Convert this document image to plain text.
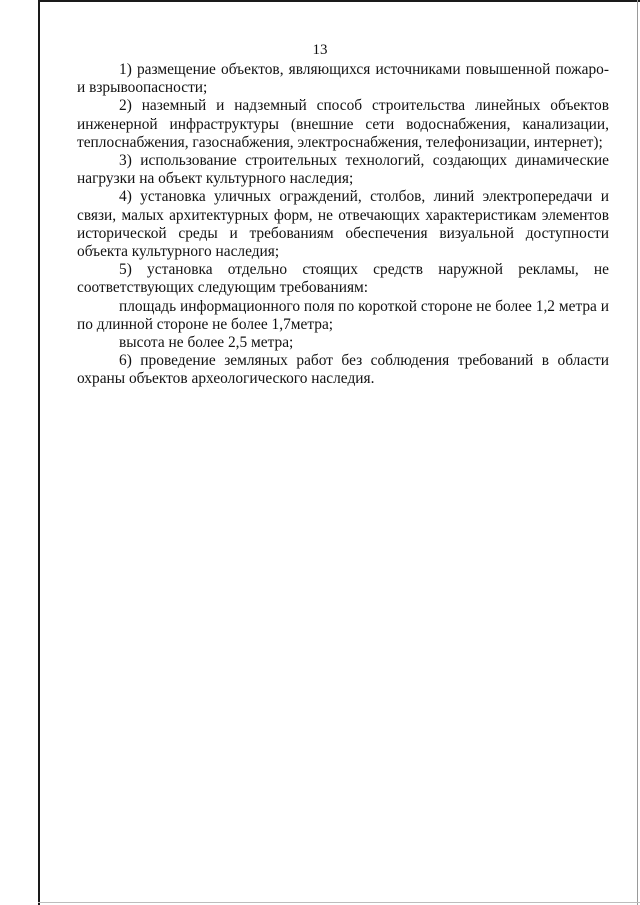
13

1) размещение объектов, являющихся источниками повышенной пожаро- и взрывоопасности;

2) наземный и надземный способ строительства линейных объектов инженерной инфраструктуры (внешние сети водоснабжения, канализации, теплоснабжения, газоснабжения, электроснабжения, телефонизации, интернет);

3) использование строительных технологий, создающих динамические нагрузки на объект культурного наследия;

4) установка уличных ограждений, столбов, линий электропередачи и связи, малых архитектурных форм, не отвечающих характеристикам элементов исторической среды и требованиям обеспечения визуальной доступности объекта культурного наследия;

5) установка отдельно стоящих средств наружной рекламы, не соответствующих следующим требованиям:

площадь информационного поля по короткой стороне не более 1,2 метра и по длинной стороне не более 1,7метра;

высота не более 2,5 метра;

6) проведение земляных работ без соблюдения требований в области охраны объектов археологического наследия.
